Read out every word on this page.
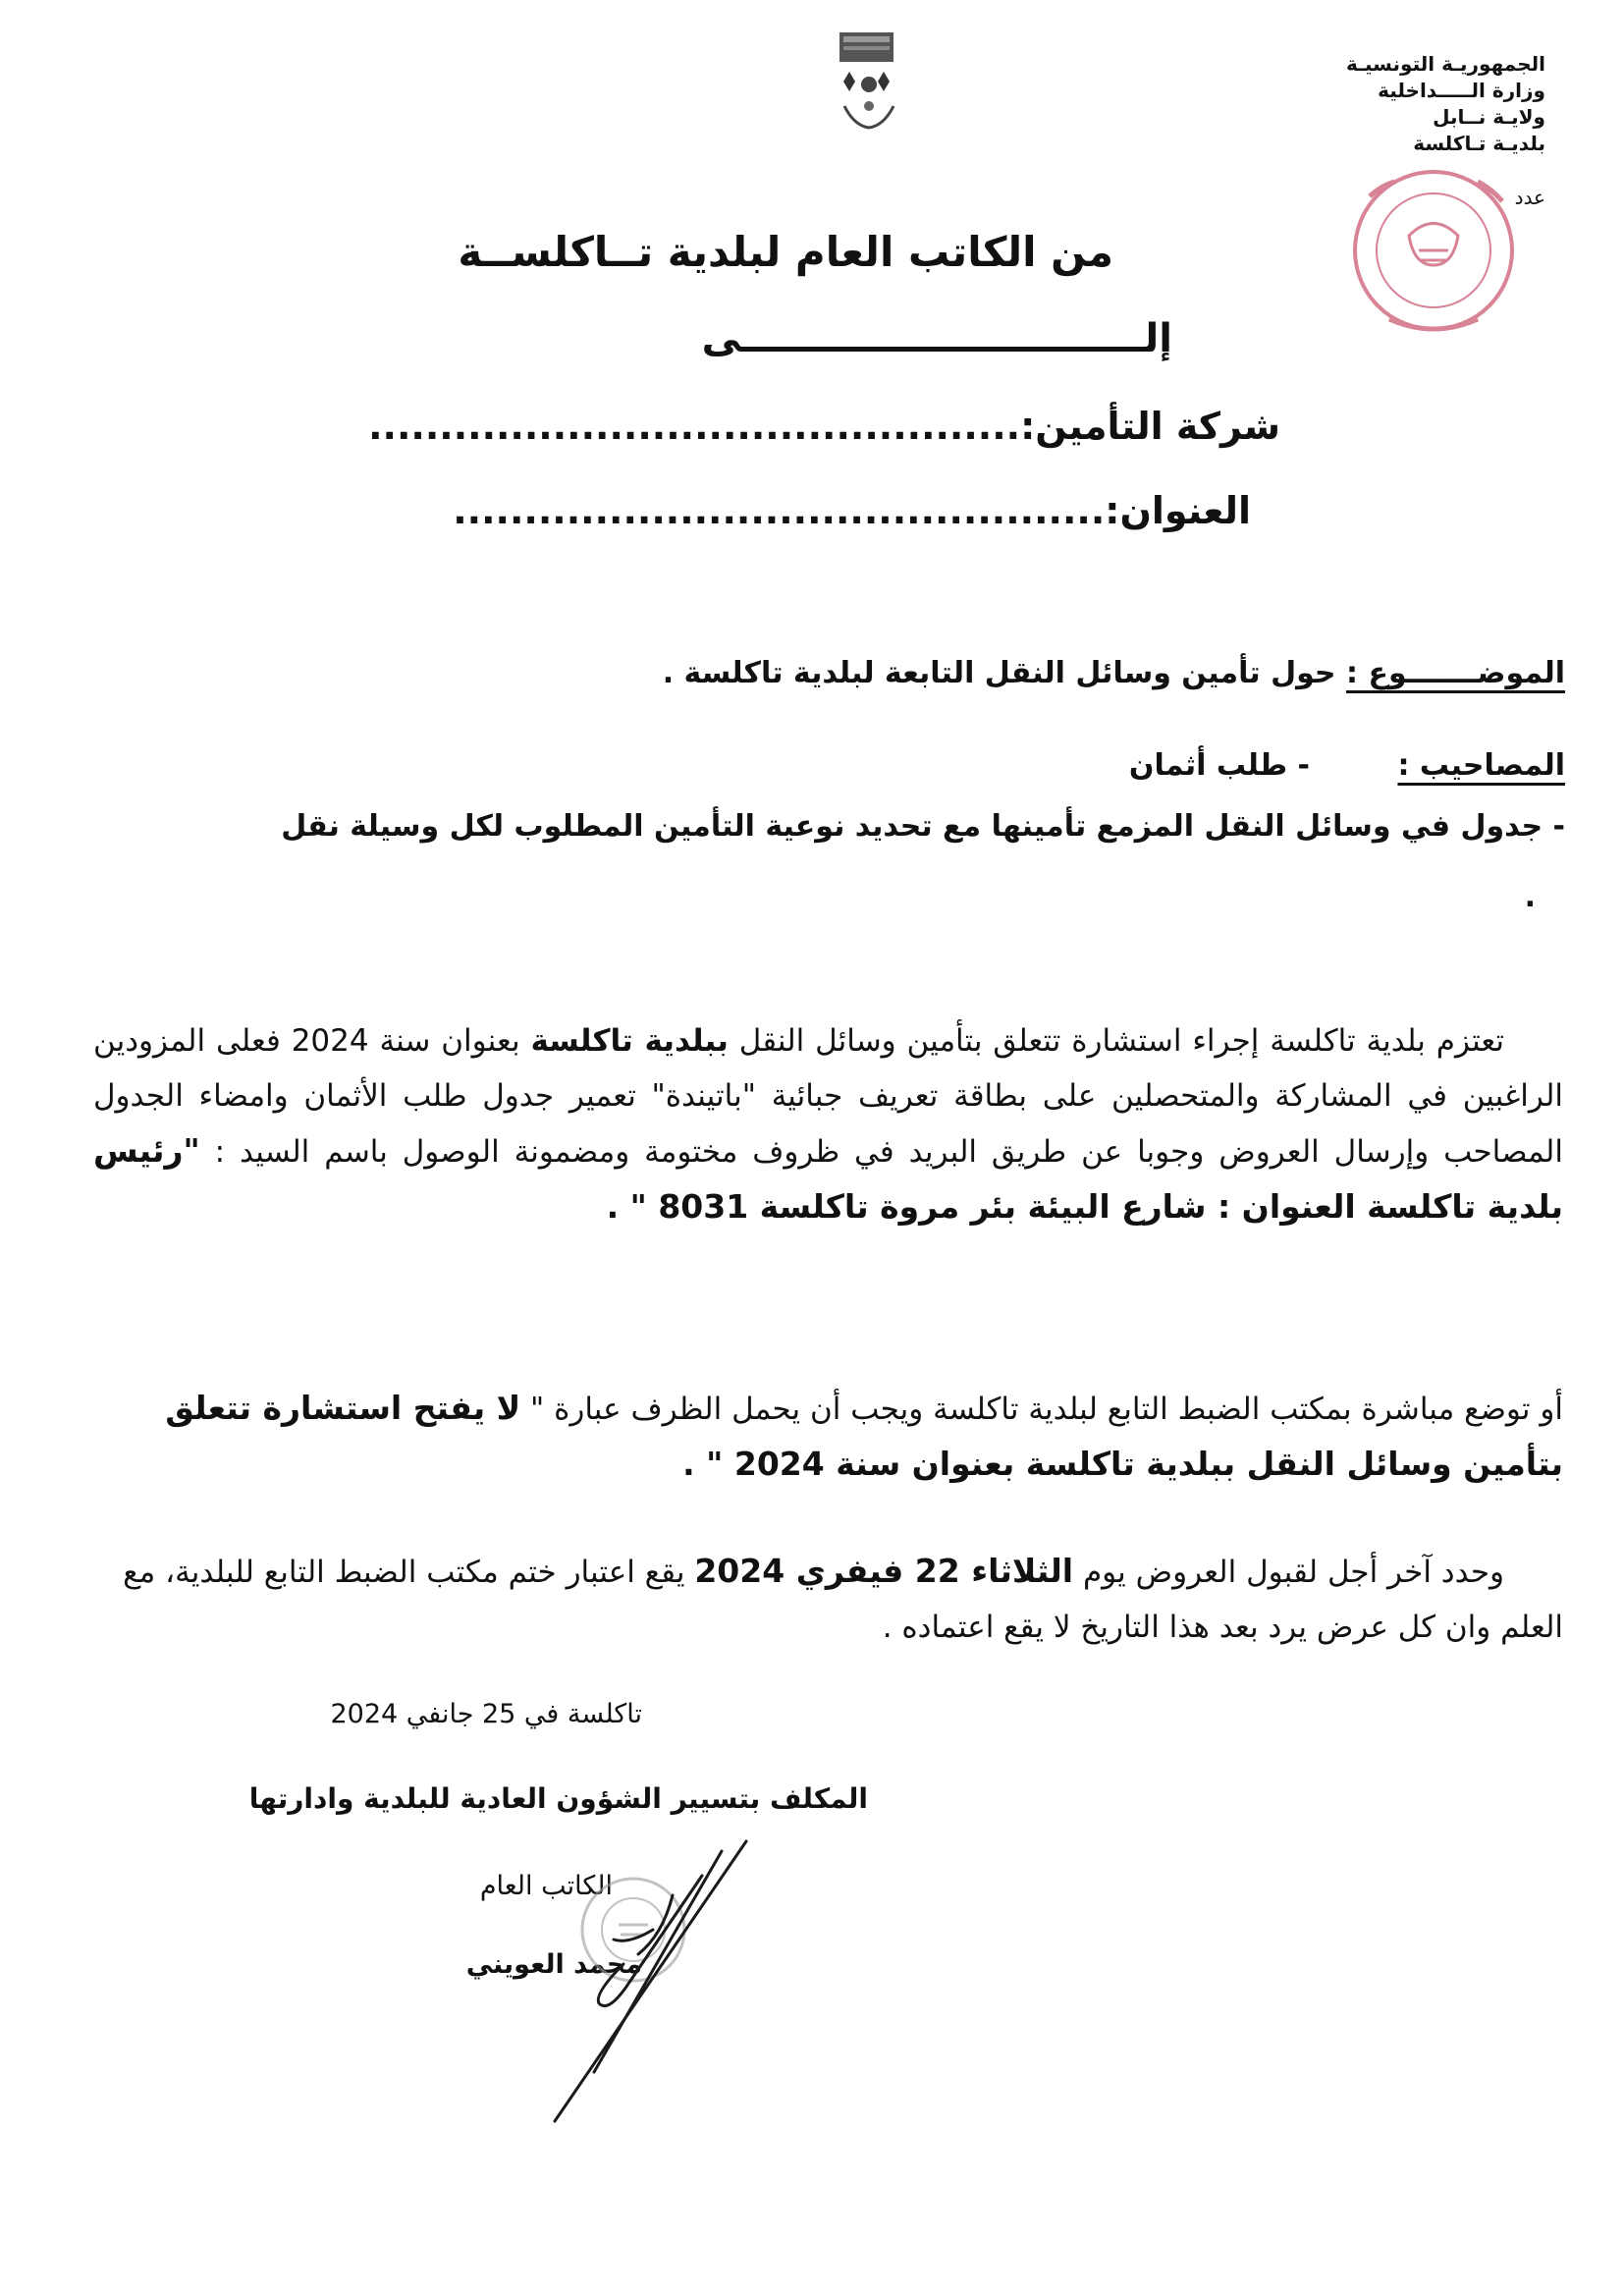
الجمهوريـة التونسيـة
وزارة الـــــداخلية
ولايـة نــابل
بلديـة تـاكلسة
عدد
من الكاتب العام لبلدية تــاكلســة
إلــــــــــــــــــــــــــــــى
شركة التأمين:..............................................
العنوان:..............................................
الموضـــــــوع : حول تأمين وسائل النقل التابعة لبلدية تاكلسة .
المصاحيب :
- طلب أثمان
- جدول في وسائل النقل المزمع تأمينها مع تحديد نوعية التأمين المطلوب لكل وسيلة نقل
.
تعتزم بلدية تاكلسة إجراء استشارة تتعلق بتأمين وسائل النقل ببلدية تاكلسة بعنوان سنة 2024 فعلى المزودين الراغبين في المشاركة والمتحصلين على بطاقة تعريف جبائية "باتيندة" تعمير جدول طلب الأثمان وامضاء الجدول المصاحب وإرسال العروض وجوبا عن طريق البريد في ظروف مختومة ومضمونة الوصول باسم السيد : "رئيس بلدية تاكلسة العنوان : شارع البيئة بئر مروة تاكلسة 8031 " .
أو توضع مباشرة بمكتب الضبط التابع لبلدية تاكلسة ويجب أن يحمل الظرف عبارة " لا يفتح استشارة تتعلق بتأمين وسائل النقل ببلدية تاكلسة بعنوان سنة 2024 " .
وحدد آخر أجل لقبول العروض يوم الثلاثاء 22 فيفري 2024 يقع اعتبار ختم مكتب الضبط التابع للبلدية، مع العلم وان كل عرض يرد بعد هذا التاريخ لا يقع اعتماده .
تاكلسة في 25 جانفي 2024
المكلف بتسيير الشؤون العادية للبلدية وادارتها
الكاتب العام
محمد العويني
